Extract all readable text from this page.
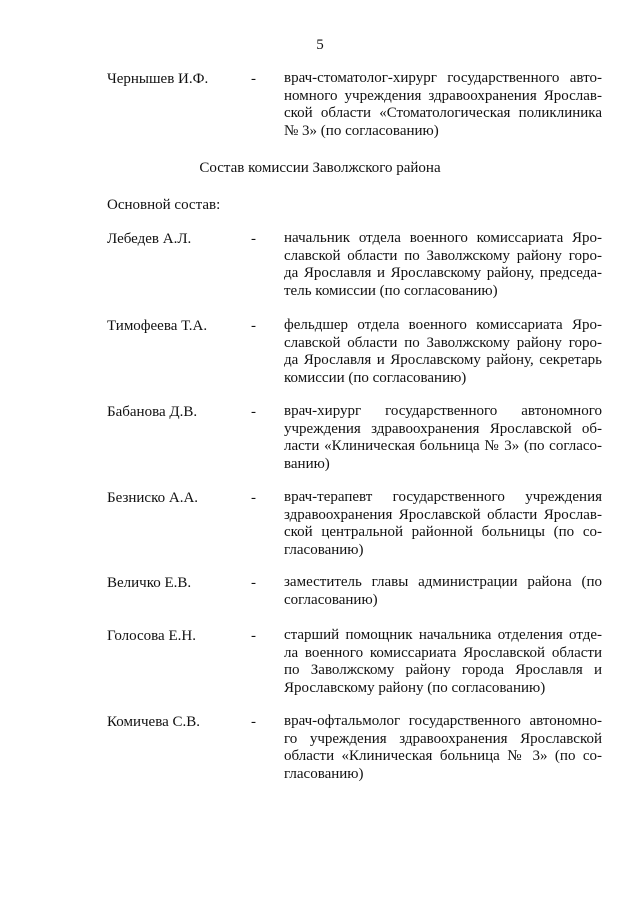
5
Чернышев И.Ф.	-	врач-стоматолог-хирург государственного авто-
номного учреждения здравоохранения Ярослав-
ской области «Стоматологическая поликлиника
№ 3» (по согласованию)
Состав комиссии Заволжского района
Основной состав:
Лебедев А.Л.	-	начальник отдела военного комиссариата Яро-
славской области по Заволжскому району горо-
да Ярославля и Ярославскому району, председа-
тель комиссии (по согласованию)
Тимофеева Т.А.	-	фельдшер отдела военного комиссариата Яро-
славской области по Заволжскому району горо-
да Ярославля и Ярославскому району, секретарь
комиссии (по согласованию)
Бабанова Д.В.	-	врач-хирург государственного автономного
учреждения здравоохранения Ярославской об-
ласти «Клиническая больница № 3» (по согласо-
ванию)
Безниско А.А.	-	врач-терапевт государственного учреждения
здравоохранения Ярославской области Ярослав-
ской центральной районной больницы (по со-
гласованию)
Величко Е.В.	-	заместитель главы администрации района (по
согласованию)
Голосова Е.Н.	-	старший помощник начальника отделения отде-
ла военного комиссариата Ярославской области
по Заволжскому району города Ярославля и
Ярославскому району (по согласованию)
Комичева С.В.	-	врач-офтальмолог государственного автономно-
го учреждения здравоохранения Ярославской
области «Клиническая больница № 3» (по со-
гласованию)
